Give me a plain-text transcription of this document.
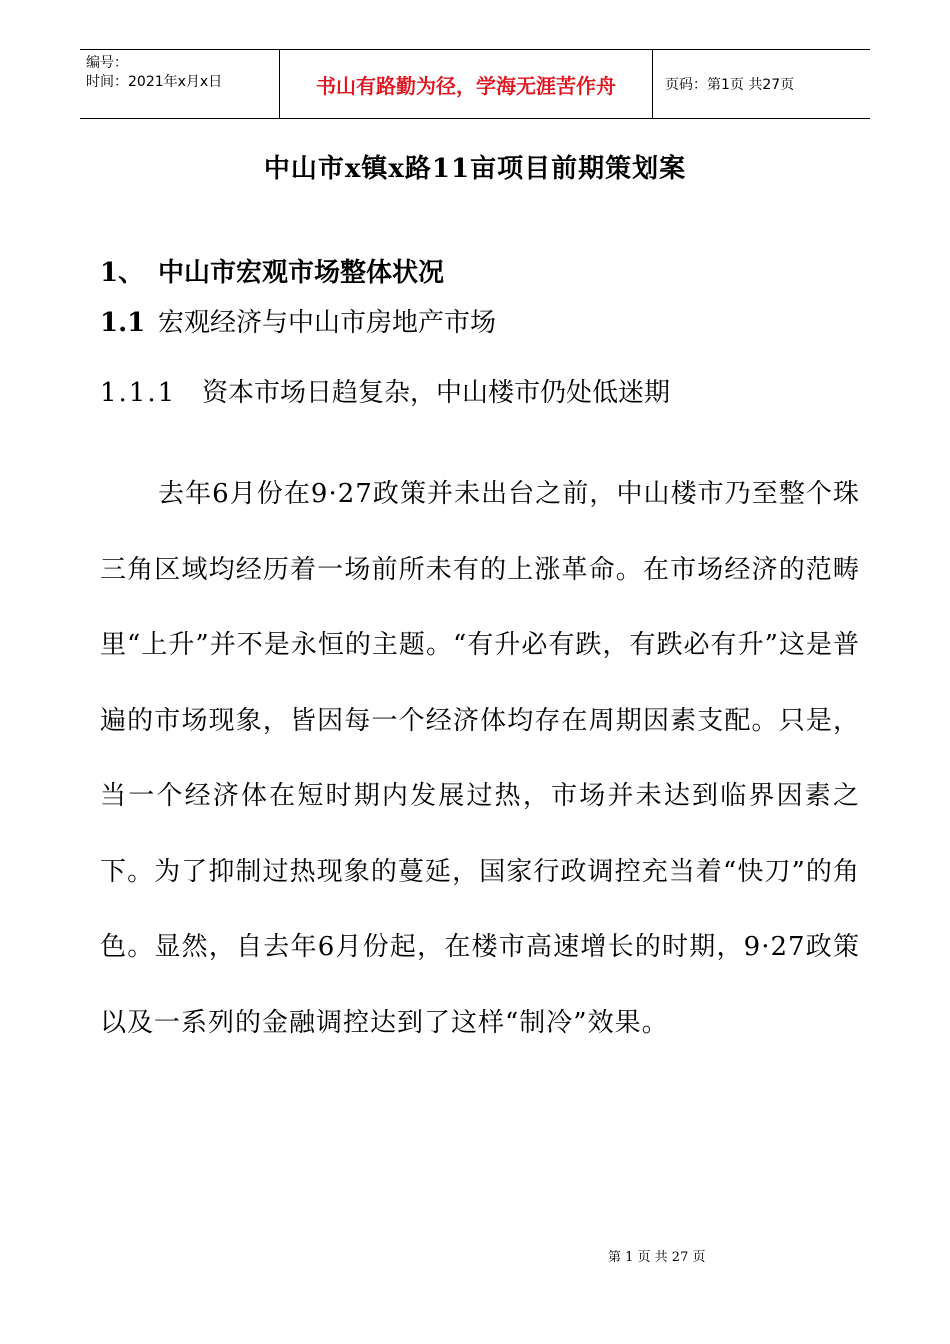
编号：
时间：2021年x月x日	书山有路勤为径，学海无涯苦作舟	页码：第1页 共27页
中山市x镇x路11亩项目前期策划案
1、 中山市宏观市场整体状况
1.1 宏观经济与中山市房地产市场
1.1.1 资本市场日趋复杂，中山楼市仍处低迷期

去年6月份在9·27政策并未出台之前，中山楼市乃至整个珠三角区域均经历着一场前所未有的上涨革命。在市场经济的范畴里“上升”并不是永恒的主题。“有升必有跌，有跌必有升”这是普遍的市场现象，皆因每一个经济体均存在周期因素支配。只是，当一个经济体在短时期内发展过热，市场并未达到临界因素之下。为了抑制过热现象的蔓延，国家行政调控充当着“快刀”的角色。显然，自去年6月份起，在楼市高速增长的时期，9·27政策以及一系列的金融调控达到了这样“制冷”效果。

第 1 页 共 27 页
